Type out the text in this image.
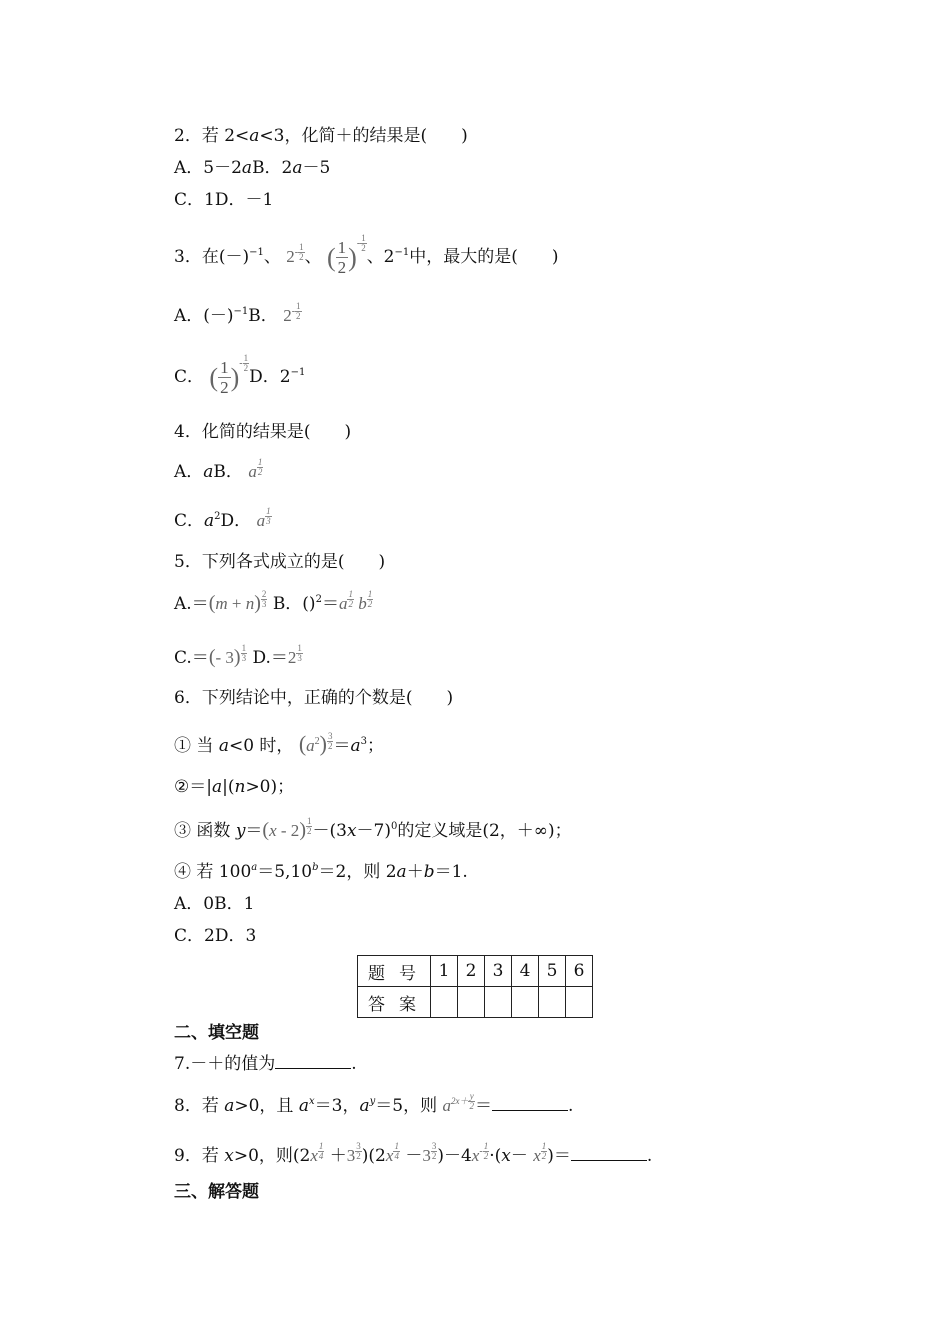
2．若 2<a<3，化简＋的结果是(　　)
A．5－2aB．2a－5
C．1D．－1
3．在$(-)^{-1}$、 $2^{- \frac{1}{2}}$ 、 ( $\frac{1}{2} )^{- \frac{1}{2}}$
、$2^{-1}$中，最大的是(　　)
A．$(-)^{-1}B$． $2^{- \frac{1}{2}}$
C． ( $\frac{1}{2} )^{- \frac{1}{2}}$
D．$2^{-1}$
4．化简的结果是(　　)
A．aB． a $^{\frac{1}{2}}$
C．$a^2D$． a $^{\frac{1}{3}}$
5．下列各式成立的是(　　)
A.＝(m + n) $^{\frac{2}{3}}$ B．()$^2$＝a $^{\frac{1}{2}}$ b $^{\frac{1}{2}}$
C.＝(- 3) $^{\frac{1}{3}}$ D.＝2 $^{\frac{1}{3}}$
6．下列结论中，正确的个数是(　　)
① 当 a<0 时， $(a^2)$ $^{\frac{3}{2}} =a^3$；
②＝|a|(n>0)；
③ 函数 y＝(x - 2) $^{\frac{1}{2}} -(3x-7)^0$的定义域是(2，＋∞)；
④ 若 $100^a=5,10^b=2$，则 2a＋b＝1.
A．0B．1
C．2D．3
题号	1	2	3	4	5	6
答案						
二、填空题
7.－＋的值为	.
8．若 a>0，且 $a^x=3$，$a^y=5$，则 $a^{2x+ \frac{y}{2}}$ ＝	.
9．若 x>0，则(2x $^{\frac{1}{4}}$ ＋3 $^{\frac{3}{2}}$ )(2x $^{\frac{1}{4}}$ －3 $^{\frac{3}{2}}$ )$-4x^{- \frac{1}{2}} \cdot(x- x$ $^{\frac{1}{2}}$ )＝	.
三、解答题
